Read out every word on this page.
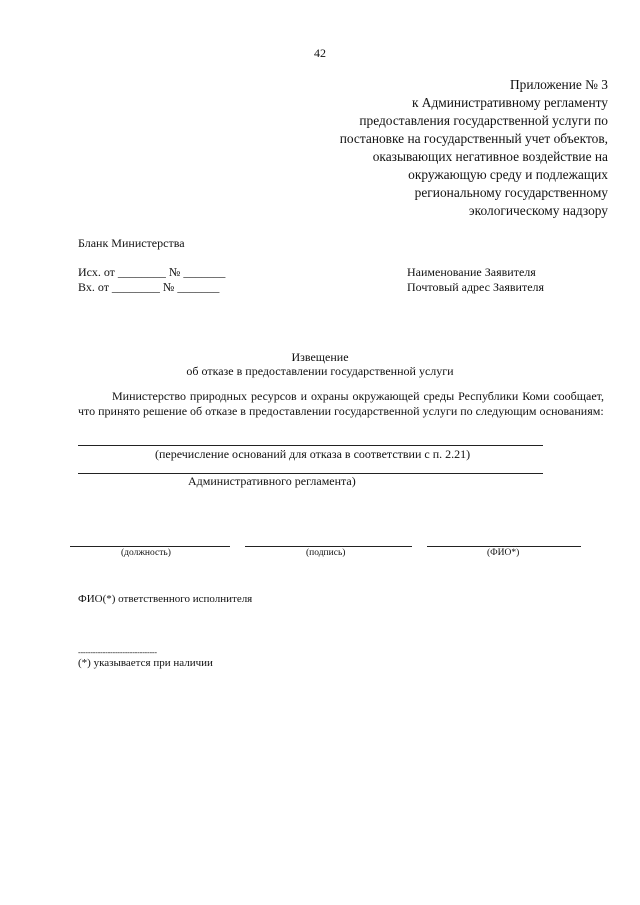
42
Приложение № 3
к Административному регламенту
предоставления государственной услуги по
постановке на государственный учет объектов,
оказывающих негативное воздействие на
окружающую среду и подлежащих
региональному государственному
экологическому надзору
Бланк Министерства
Исх. от ________ № _______
Вх. от ________ № _______
Наименование Заявителя
Почтовый адрес Заявителя
Извещение
об отказе в предоставлении государственной услуги
Министерство природных ресурсов и охраны окружающей среды Республики Коми сообщает, что принято решение об отказе в предоставлении государственной услуги по следующим основаниям:
(перечисление оснований для отказа в соответствии с п. 2.21)
Административного регламента)
(должность)	(подпись)	(ФИО*)
ФИО(*) ответственного исполнителя
--------------------------------
(*) указывается при наличии
